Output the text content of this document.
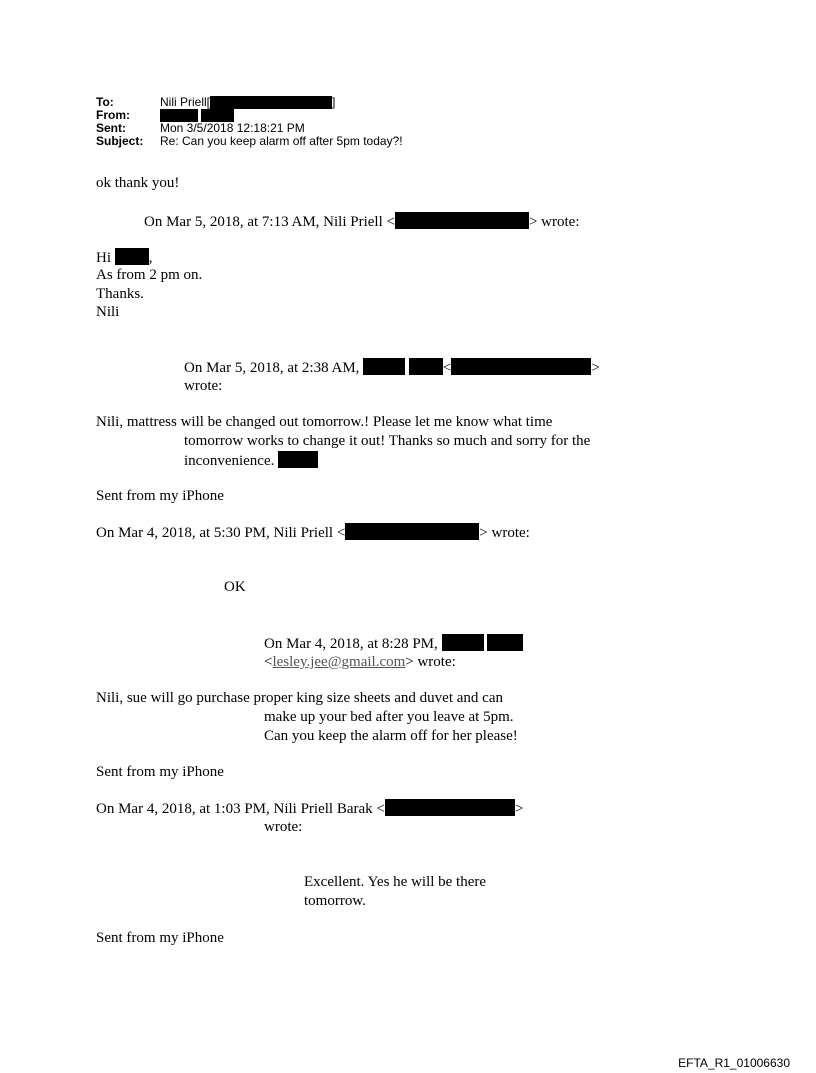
To:	Nili Priell[	]
From:
Sent:	Mon 3/5/2018 12:18:21 PM
Subject: Re: Can you keep alarm off after 5pm today?!
ok thank you!
On Mar 5, 2018, at 7:13 AM, Nili Priell <	> wrote:
Hi	,
As from 2 pm on.
Thanks.
Nili
On Mar 5, 2018, at 2:38 AM,	<	>
wrote:
Nili, mattress will be changed out tomorrow.! Please let me know what time
tomorrow works to change it out! Thanks so much and sorry for the
inconvenience.
Sent from my iPhone
On Mar 4, 2018, at 5:30 PM, Nili Priell <	> wrote:
OK
On Mar 4, 2018, at 8:28 PM,
<lesley.jee@gmail.com> wrote:
Nili, sue will go purchase proper king size sheets and duvet and can
make up your bed after you leave at 5pm.
Can you keep the alarm off for her please!
Sent from my iPhone
On Mar 4, 2018, at 1:03 PM, Nili Priell Barak <	>
wrote:
Excellent. Yes he will be there
tomorrow.
Sent from my iPhone
EFTA_R1_01006630
